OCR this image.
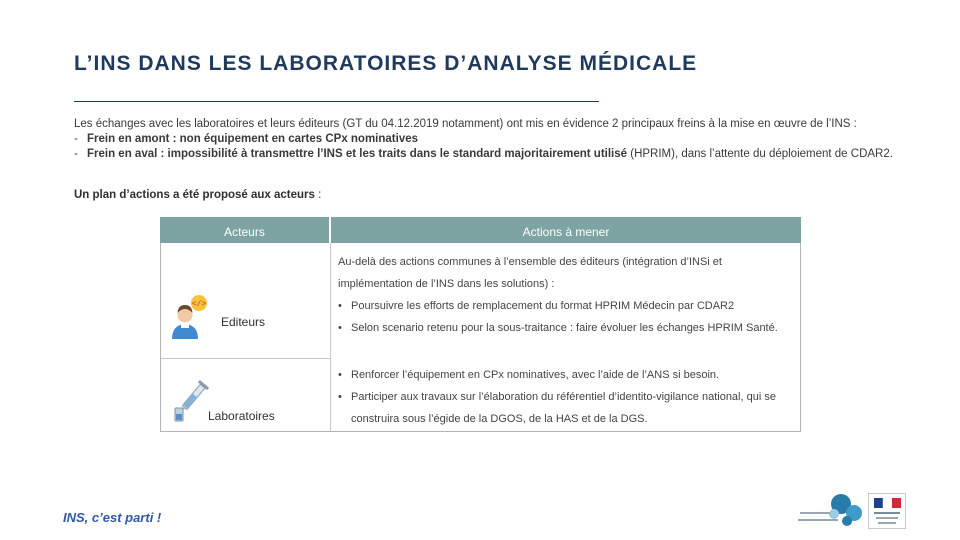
L’INS DANS LES LABORATOIRES D’ANALYSE MÉDICALE

Les échanges avec les laboratoires et leurs éditeurs (GT du 04.12.2019 notamment) ont mis en évidence 2 principaux freins à la mise en œuvre de l’INS :

- Frein en amont : non équipement en cartes CPx nominatives
- Frein en aval : impossibilité à transmettre l’INS et les traits dans le standard majoritairement utilisé (HPRIM), dans l’attente du déploiement de CDAR2.
Un plan d’actions a été proposé aux acteurs :
Acteurs	Actions à mener
</>
Editeurs
Laboratoires

Au-delà des actions communes à l’ensemble des éditeurs (intégration d’INSi et implémentation de l’INS dans les solutions) :

• Poursuivre les efforts de remplacement du format HPRIM Médecin par CDAR2
• Selon scenario retenu pour la sous-traitance : faire évoluer les échanges HPRIM Santé.
• Renforcer l’équipement en CPx nominatives, avec l’aide de l’ANS si besoin.
• Participer aux travaux sur l’élaboration du référentiel d’identito-vigilance national, qui se construira sous l’égide de la DGOS, de la HAS et de la DGS.
INS, c’est parti !
